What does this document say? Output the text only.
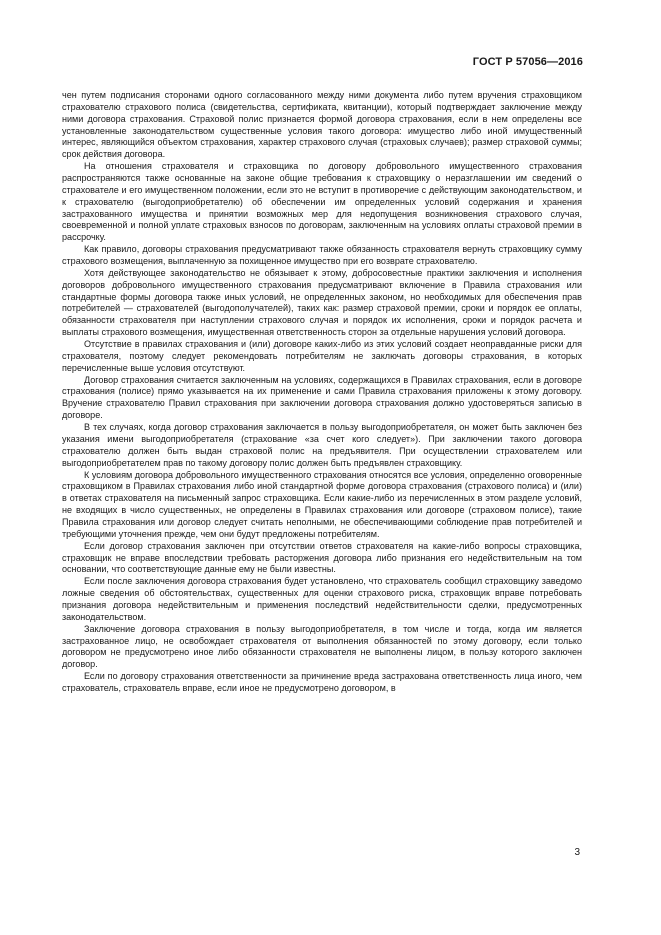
ГОСТ Р 57056—2016

чен путем подписания сторонами одного согласованного между ними документа либо путем вручения страховщиком страхователю страхового полиса (свидетельства, сертификата, квитанции), который подтверждает заключение между ними договора страхования. Страховой полис признается формой договора страхования, если в нем определены все установленные законодательством существенные условия такого договора: имущество либо иной имущественный интерес, являющийся объектом страхования, характер страхового случая (страховых случаев); размер страховой суммы; срок действия договора.

На отношения страхователя и страховщика по договору добровольного имущественного страхования распространяются также основанные на законе общие требования к страховщику о неразглашении им сведений о страхователе и его имущественном положении, если это не вступит в противоречие с действующим законодательством, и к страхователю (выгодоприобретателю) об обеспечении им определенных условий содержания и хранения застрахованного имущества и принятии возможных мер для недопущения возникновения страхового случая, своевременной и полной уплате страховых взносов по договорам, заключенным на условиях оплаты страховой премии в рассрочку.

Как правило, договоры страхования предусматривают также обязанность страхователя вернуть страховщику сумму страхового возмещения, выплаченную за похищенное имущество при его возврате страхователю.

Хотя действующее законодательство не обязывает к этому, добросовестные практики заключения и исполнения договоров добровольного имущественного страхования предусматривают включение в Правила страхования или стандартные формы договора также иных условий, не определенных законом, но необходимых для обеспечения прав потребителей — страхователей (выгодополучателей), таких как: размер страховой премии, сроки и порядок ее оплаты, обязанности страхователя при наступлении страхового случая и порядок их исполнения, сроки и порядок расчета и выплаты страхового возмещения, имущественная ответственность сторон за отдельные нарушения условий договора.

Отсутствие в правилах страхования и (или) договоре каких-либо из этих условий создает неоправданные риски для страхователя, поэтому следует рекомендовать потребителям не заключать договоры страхования, в которых перечисленные выше условия отсутствуют.

Договор страхования считается заключенным на условиях, содержащихся в Правилах страхования, если в договоре страхования (полисе) прямо указывается на их применение и сами Правила страхования приложены к этому договору. Вручение страхователю Правил страхования при заключении договора страхования должно удостоверяться записью в договоре.

В тех случаях, когда договор страхования заключается в пользу выгодоприобретателя, он может быть заключен без указания имени выгодоприобретателя (страхование «за счет кого следует»). При заключении такого договора страхователю должен быть выдан страховой полис на предъявителя. При осуществлении страхователем или выгодоприобретателем прав по такому договору полис должен быть предъявлен страховщику.

К условиям договора добровольного имущественного страхования относятся все условия, определенно оговоренные страховщиком в Правилах страхования либо иной стандартной форме договора страхования (страхового полиса) и (или) в ответах страхователя на письменный запрос страховщика. Если какие-либо из перечисленных в этом разделе условий, не входящих в число существенных, не определены в Правилах страхования или договоре (страховом полисе), такие Правила страхования или договор следует считать неполными, не обеспечивающими соблюдение прав потребителей и требующими уточнения прежде, чем они будут предложены потребителям.

Если договор страхования заключен при отсутствии ответов страхователя на какие-либо вопросы страховщика, страховщик не вправе впоследствии требовать расторжения договора либо признания его недействительным на том основании, что соответствующие данные ему не были известны.

Если после заключения договора страхования будет установлено, что страхователь сообщил страховщику заведомо ложные сведения об обстоятельствах, существенных для оценки страхового риска, страховщик вправе потребовать признания договора недействительным и применения последствий недействительности сделки, предусмотренных законодательством.

Заключение договора страхования в пользу выгодоприобретателя, в том числе и тогда, когда им является застрахованное лицо, не освобождает страхователя от выполнения обязанностей по этому договору, если только договором не предусмотрено иное либо обязанности страхователя не выполнены лицом, в пользу которого заключен договор.

Если по договору страхования ответственности за причинение вреда застрахована ответственность лица иного, чем страхователь, страхователь вправе, если иное не предусмотрено договором, в

3
